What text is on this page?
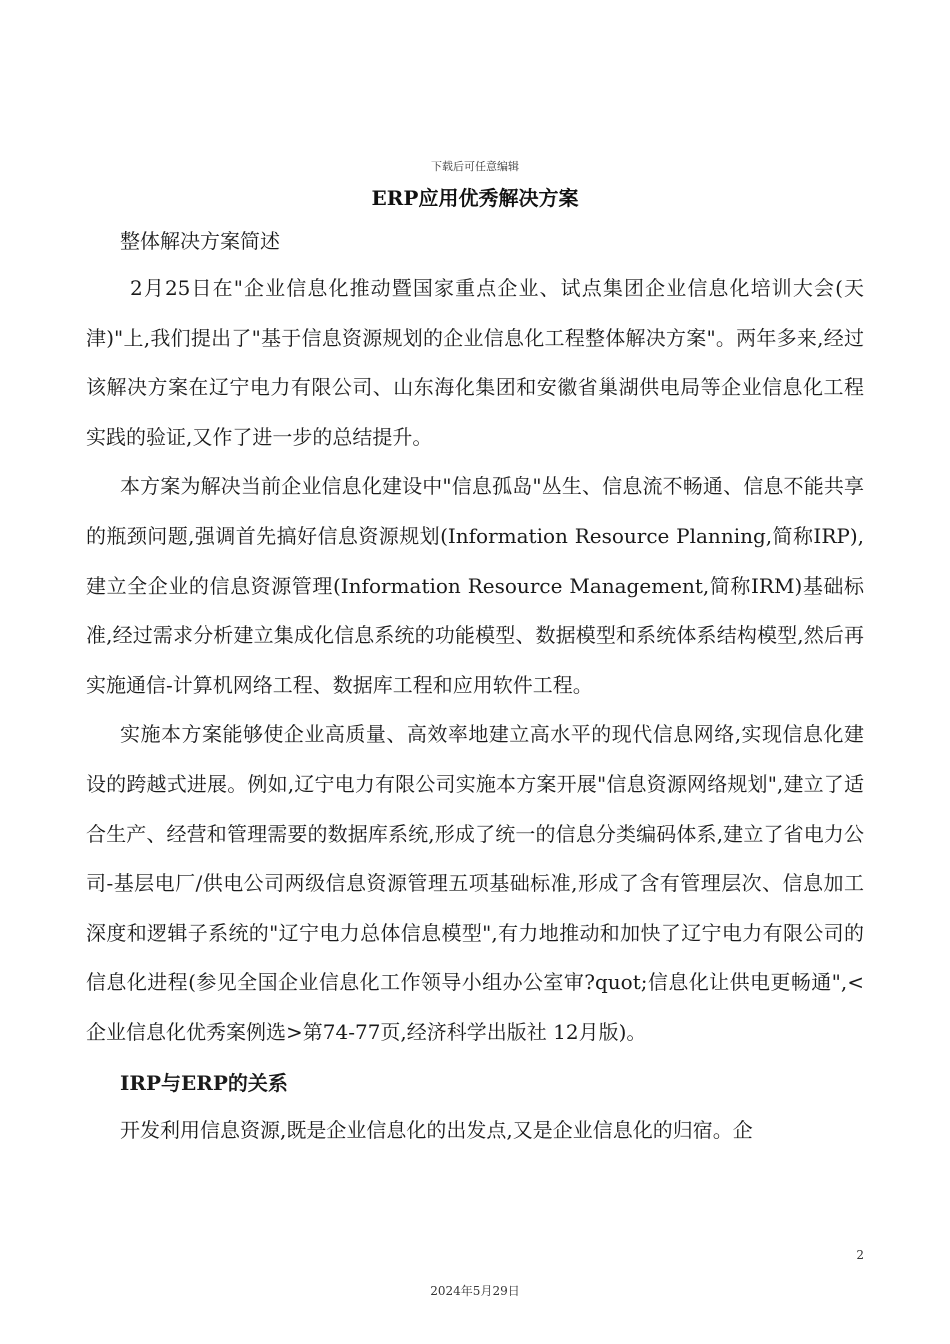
下载后可任意编辑
ERP应用优秀解决方案
整体解决方案简述

2月25日在"企业信息化推动暨国家重点企业、试点集团企业信息化培训大会(天津)"上,我们提出了"基于信息资源规划的企业信息化工程整体解决方案"。两年多来,经过该解决方案在辽宁电力有限公司、山东海化集团和安徽省巢湖供电局等企业信息化工程实践的验证,又作了进一步的总结提升。

本方案为解决当前企业信息化建设中"信息孤岛"丛生、信息流不畅通、信息不能共享的瓶颈问题,强调首先搞好信息资源规划(Information Resource Planning,简称IRP),建立全企业的信息资源管理(Information Resource Management,简称IRM)基础标准,经过需求分析建立集成化信息系统的功能模型、数据模型和系统体系结构模型,然后再实施通信-计算机网络工程、数据库工程和应用软件工程。

实施本方案能够使企业高质量、高效率地建立高水平的现代信息网络,实现信息化建设的跨越式进展。例如,辽宁电力有限公司实施本方案开展"信息资源网络规划",建立了适合生产、经营和管理需要的数据库系统,形成了统一的信息分类编码体系,建立了省电力公司-基层电厂/供电公司两级信息资源管理五项基础标准,形成了含有管理层次、信息加工深度和逻辑子系统的"辽宁电力总体信息模型",有力地推动和加快了辽宁电力有限公司的信息化进程(参见全国企业信息化工作领导小组办公室审?quot;信息化让供电更畅通",<企业信息化优秀案例选>第74-77页,经济科学出版社 12月版)。

IRP与ERP的关系

开发利用信息资源,既是企业信息化的出发点,又是企业信息化的归宿。企

2
2024年5月29日
